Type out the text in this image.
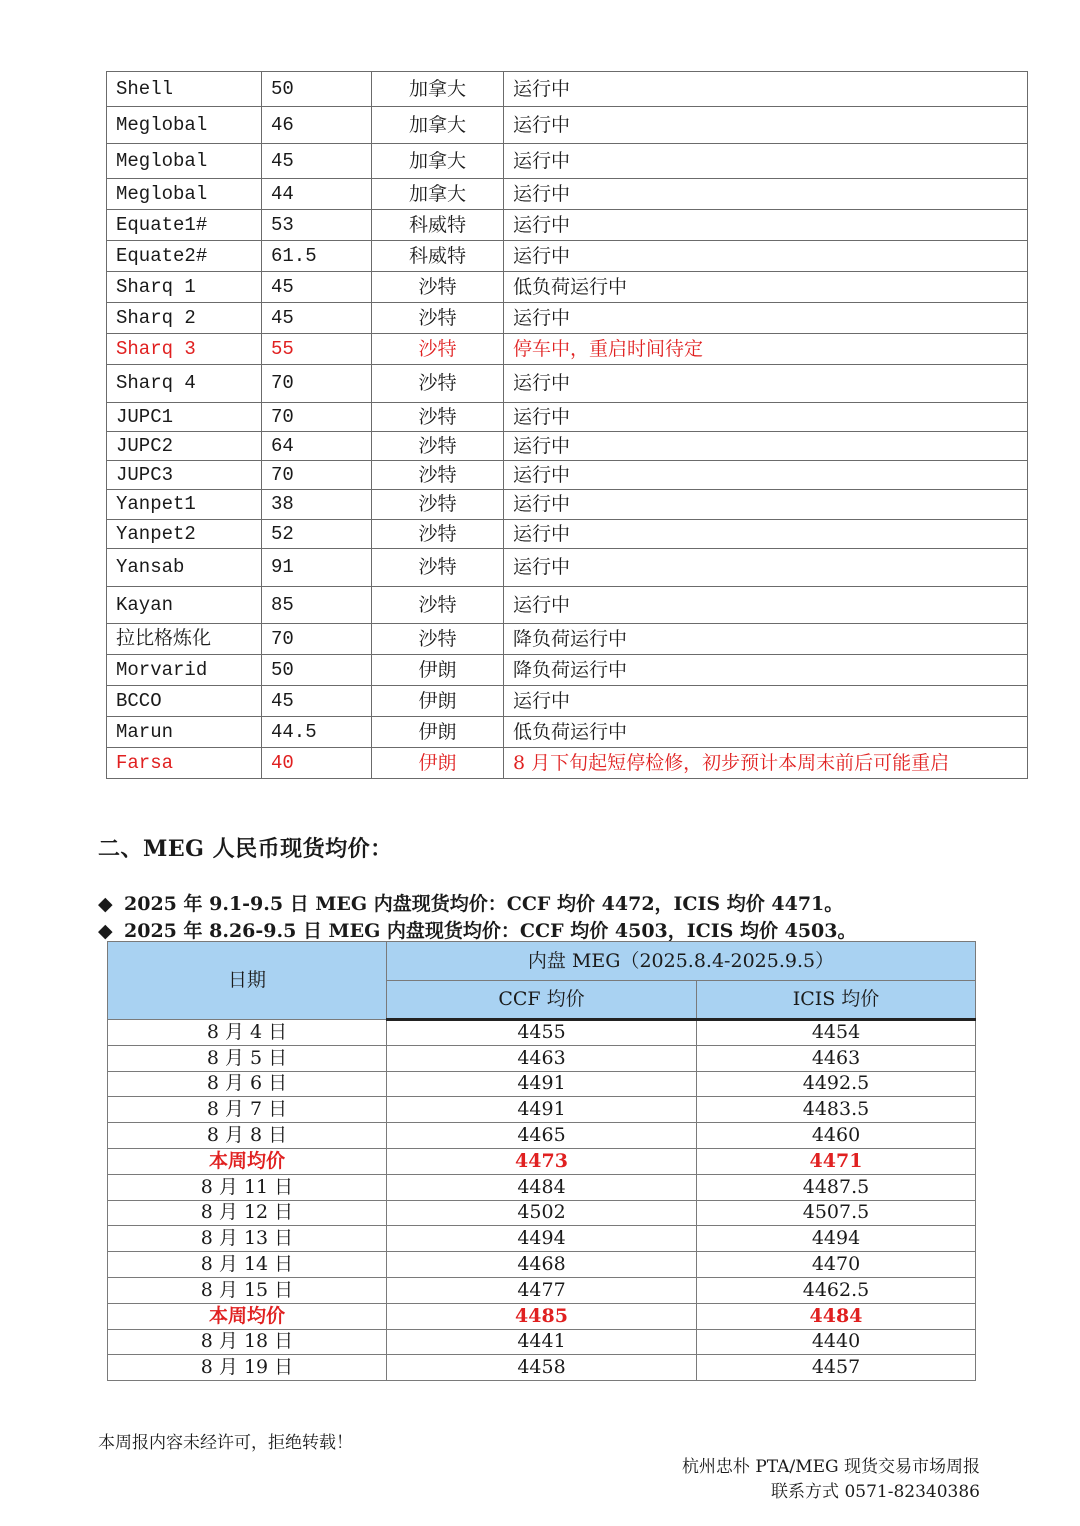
Shell	50	加拿大	运行中
Meglobal	46	加拿大	运行中
Meglobal	45	加拿大	运行中
Meglobal	44	加拿大	运行中
Equate1#	53	科威特	运行中
Equate2#	61.5	科威特	运行中
Sharq 1	45	沙特	低负荷运行中
Sharq 2	45	沙特	运行中
Sharq 3	55	沙特	停车中，重启时间待定
Sharq 4	70	沙特	运行中
JUPC1	70	沙特	运行中
JUPC2	64	沙特	运行中
JUPC3	70	沙特	运行中
Yanpet1	38	沙特	运行中
Yanpet2	52	沙特	运行中
Yansab	91	沙特	运行中
Kayan	85	沙特	运行中
拉比格炼化	70	沙特	降负荷运行中
Morvarid	50	伊朗	降负荷运行中
BCCO	45	伊朗	运行中
Marun	44.5	伊朗	低负荷运行中
Farsa	40	伊朗	8 月下旬起短停检修，初步预计本周末前后可能重启
二、MEG 人民币现货均价：
◆ 2025 年 9.1-9.5 日 MEG 内盘现货均价：CCF 均价 4472，ICIS 均价 4471。
◆ 2025 年 8.26-9.5 日 MEG 内盘现货均价：CCF 均价 4503，ICIS 均价 4503。
日期	内盘 MEG（2025.8.4-2025.9.5）	
	CCF 均价	ICIS 均价
8 月 4 日	4455	4454
8 月 5 日	4463	4463
8 月 6 日	4491	4492.5
8 月 7 日	4491	4483.5
8 月 8 日	4465	4460
本周均价	4473	4471
8 月 11 日	4484	4487.5
8 月 12 日	4502	4507.5
8 月 13 日	4494	4494
8 月 14 日	4468	4470
8 月 15 日	4477	4462.5
本周均价	4485	4484
8 月 18 日	4441	4440
8 月 19 日	4458	4457

本周报内容未经许可，拒绝转载！

杭州忠朴 PTA/MEG 现货交易市场周报

联系方式 0571-82340386
